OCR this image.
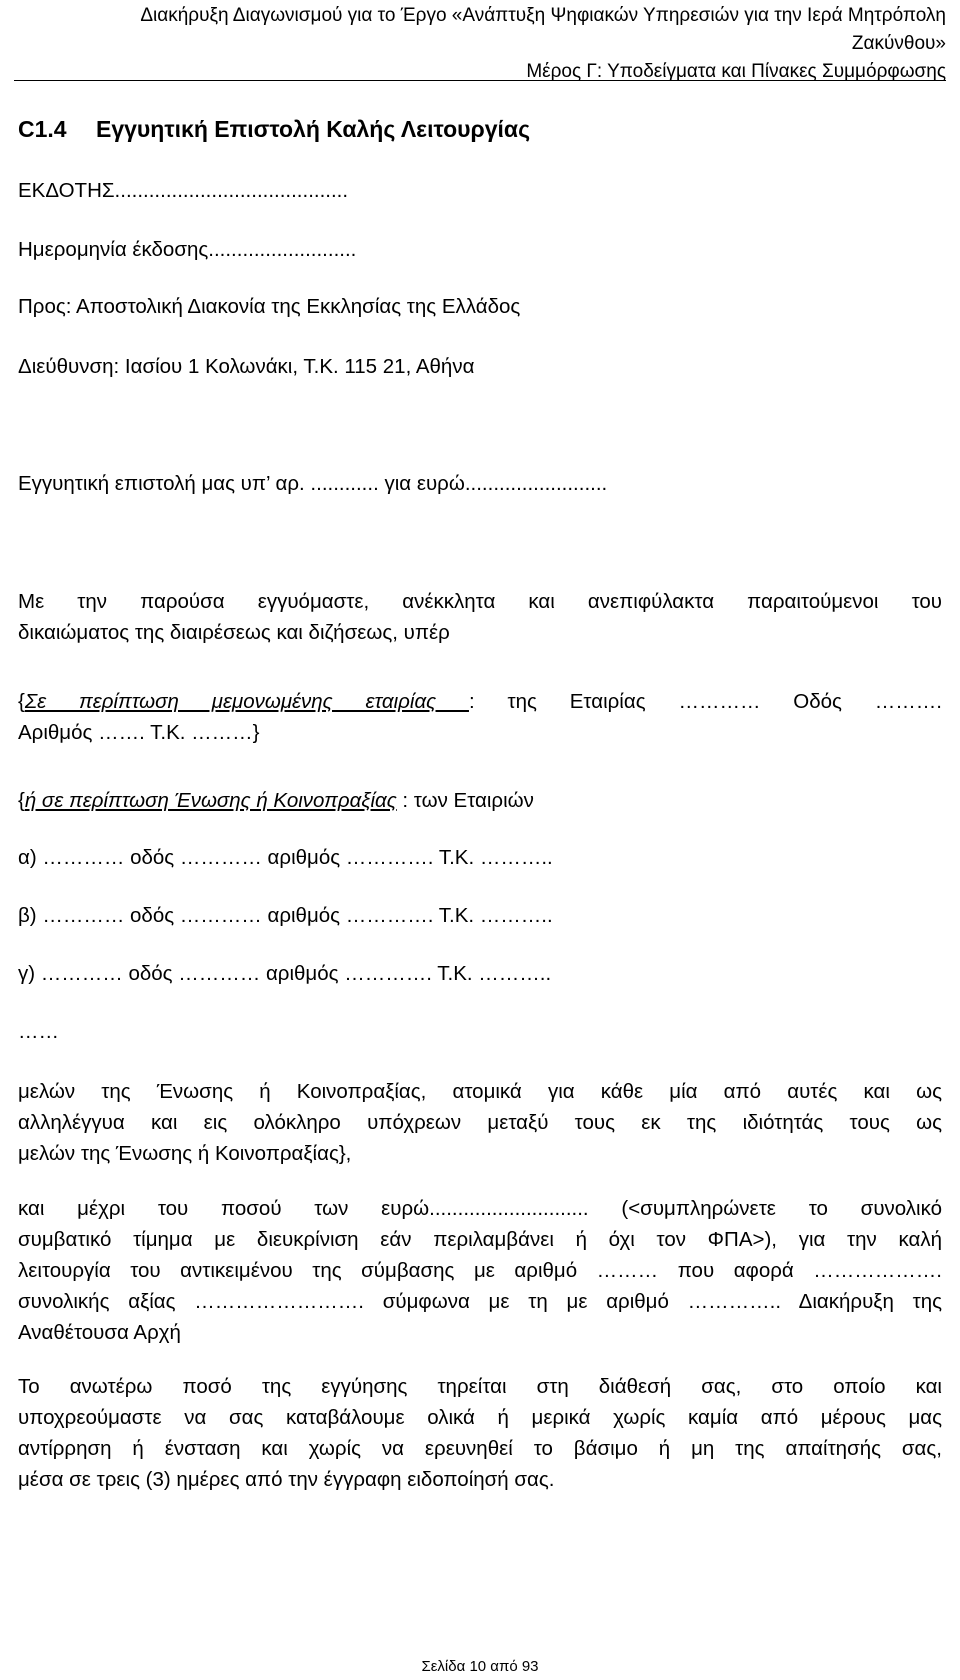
Διακήρυξη Διαγωνισμού για το Έργο «Ανάπτυξη Ψηφιακών Υπηρεσιών για την Ιερά Μητρόπολη
Ζακύνθου»
Μέρος Γ: Υποδείγματα και Πίνακες Συμμόρφωσης
C1.4 Εγγυητική Επιστολή Καλής Λειτουργίας
ΕΚΔΟΤΗΣ.........................................
Ημερομηνία έκδοσης..........................
Προς: Αποστολική Διακονία της Εκκλησίας της Ελλάδος
Διεύθυνση: Ιασίου 1 Κολωνάκι, Τ.Κ. 115 21, Αθήνα
Εγγυητική επιστολή μας υπ’ αρ. ............ για ευρώ.........................
Με την παρούσα εγγυόμαστε, ανέκκλητα και ανεπιφύλακτα παραιτούμενοι του
δικαιώματος της διαιρέσεως και διζήσεως, υπέρ
{Σε περίπτωση μεμονωμένης εταιρίας : της Εταιρίας ………… Οδός ……….
Αριθμός ……. Τ.Κ. ………}
{ή σε περίπτωση Ένωσης ή Κοινοπραξίας : των Εταιριών
α) ………… οδός ………… αριθμός …………. Τ.Κ. ………..
β) ………… οδός ………… αριθμός …………. Τ.Κ. ………..
γ) ………… οδός ………… αριθμός …………. Τ.Κ. ………..
……
μελών της Ένωσης ή Κοινοπραξίας, ατομικά για κάθε μία από αυτές και ως
αλληλέγγυα και εις ολόκληρο υπόχρεων μεταξύ τους εκ της ιδιότητάς τους ως
μελών της Ένωσης ή Κοινοπραξίας},
και μέχρι του ποσού των ευρώ............................ (<συμπληρώνετε το συνολικό
συμβατικό τίμημα με διευκρίνιση εάν περιλαμβάνει ή όχι τον ΦΠΑ>), για την καλή
λειτουργία του αντικειμένου της σύμβασης με αριθμό ……… που αφορά ……………….
συνολικής αξίας ……………………. σύμφωνα με τη με αριθμό ………….. Διακήρυξη της
Αναθέτουσα Αρχή
Το ανωτέρω ποσό της εγγύησης τηρείται στη διάθεσή σας, στο οποίο και
υποχρεούμαστε να σας καταβάλουμε ολικά ή μερικά χωρίς καμία από μέρους μας
αντίρρηση ή ένσταση και χωρίς να ερευνηθεί το βάσιμο ή μη της απαίτησής σας,
μέσα σε τρεις (3) ημέρες από την έγγραφη ειδοποίησή σας.
Σελίδα 10 από 93
